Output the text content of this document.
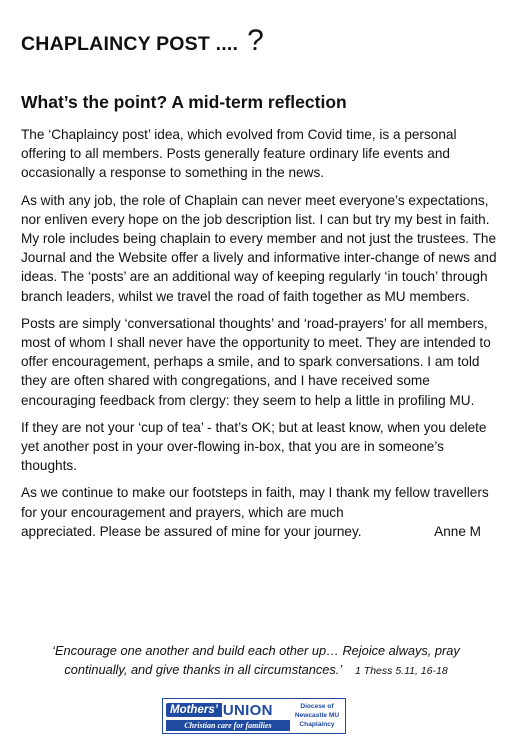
CHAPLAINCY POST .... ?
What’s the point? A mid-term reflection

The ‘Chaplaincy post’ idea, which evolved from Covid time, is a personal offering to all members. Posts generally feature ordinary life events and occasionally a response to something in the news.

As with any job, the role of Chaplain can never meet everyone’s expectations, nor enliven every hope on the job description list. I can but try my best in faith. My role includes being chaplain to every member and not just the trustees. The Journal and the Website offer a lively and informative inter-change of news and ideas. The ‘posts’ are an additional way of keeping regularly ‘in touch’ through branch leaders, whilst we travel the road of faith together as MU members.

Posts are simply ‘conversational thoughts’ and ‘road-prayers’ for all members, most of whom I shall never have the opportunity to meet. They are intended to offer encouragement, perhaps a smile, and to spark conversations. I am told they are often shared with congregations, and I have received some encouraging feedback from clergy: they seem to help a little in profiling MU.

If they are not your ‘cup of tea’ - that’s OK; but at least know, when you delete yet another post in your over-flowing in-box, that you are in someone’s thoughts.

As we continue to make our footsteps in faith, may I thank my fellow travellers for your encouragement and prayers, which are much
appreciated. Please be assured of mine for your journey.	Anne M
‘Encourage one another and build each other up… Rejoice always, pray continually, and give thanks in all circumstances.’ 1 Thess 5.11, 16-18
Mothers’ UNION
Christian care for families
Diocese of
Newcastle MU
Chaplaincy
